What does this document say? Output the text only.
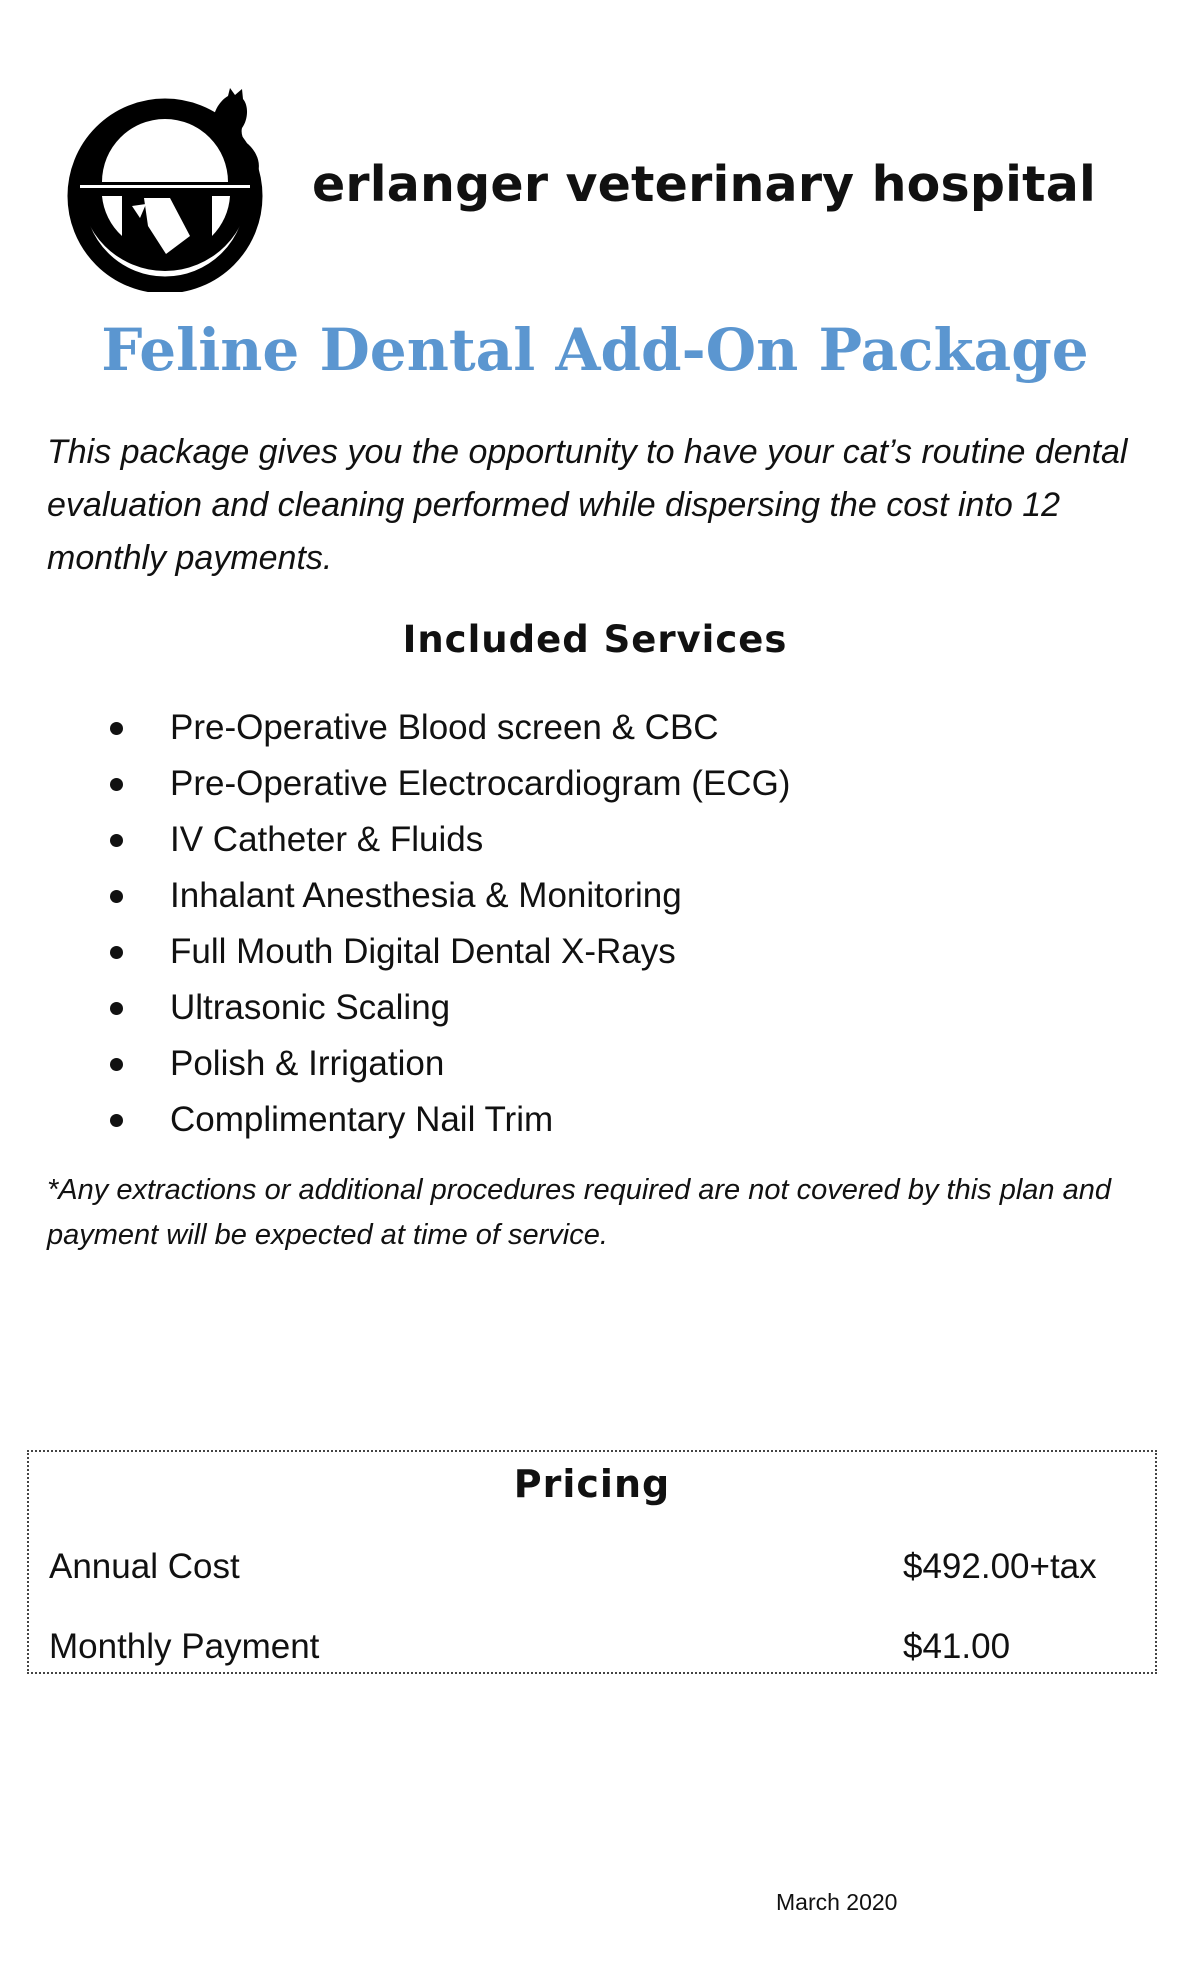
erlanger veterinary hospital
Feline Dental Add-On Package
This package gives you the opportunity to have your cat’s routine dental evaluation and cleaning performed while dispersing the cost into 12 monthly payments.
Included Services
Pre-Operative Blood screen & CBC
Pre-Operative Electrocardiogram (ECG)
IV Catheter & Fluids
Inhalant Anesthesia & Monitoring
Full Mouth Digital Dental X-Rays
Ultrasonic Scaling
Polish & Irrigation
Complimentary Nail Trim
*Any extractions or additional procedures required are not covered by this plan and payment will be expected at time of service.
Pricing
Annual Cost	$492.00+tax
Monthly Payment	$41.00
March 2020
